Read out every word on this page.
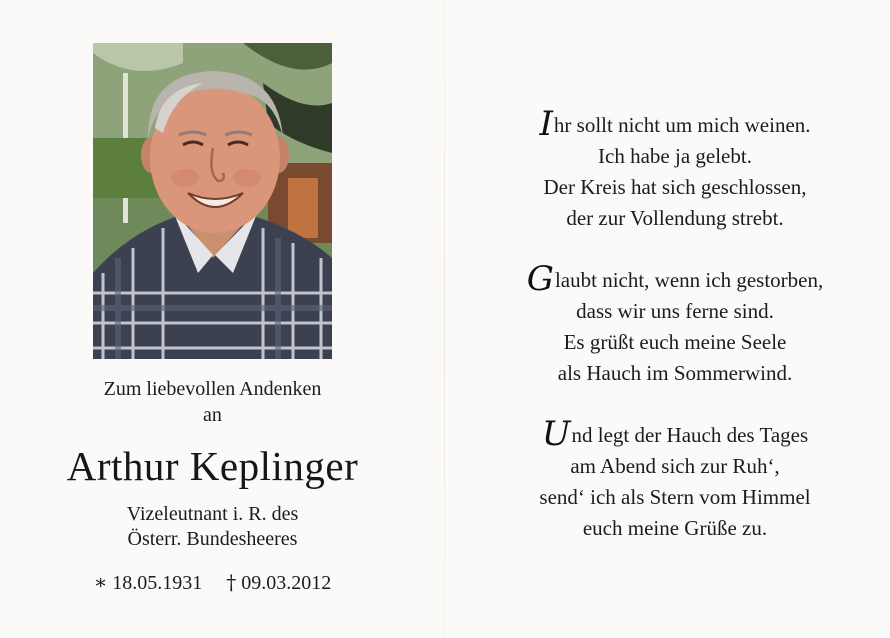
Zum liebevollen Andenken
an
Arthur Keplinger
Vizeleutnant i. R. des
Österr. Bundesheeres
∗ 18.05.1931 † 09.03.2012

Ihr sollt nicht um mich weinen.
Ich habe ja gelebt.
Der Kreis hat sich geschlossen,
der zur Vollendung strebt.

Glaubt nicht, wenn ich gestorben,
dass wir uns ferne sind.
Es grüßt euch meine Seele
als Hauch im Sommerwind.

Und legt der Hauch des Tages
am Abend sich zur Ruh‘,
send‘ ich als Stern vom Himmel
euch meine Grüße zu.
